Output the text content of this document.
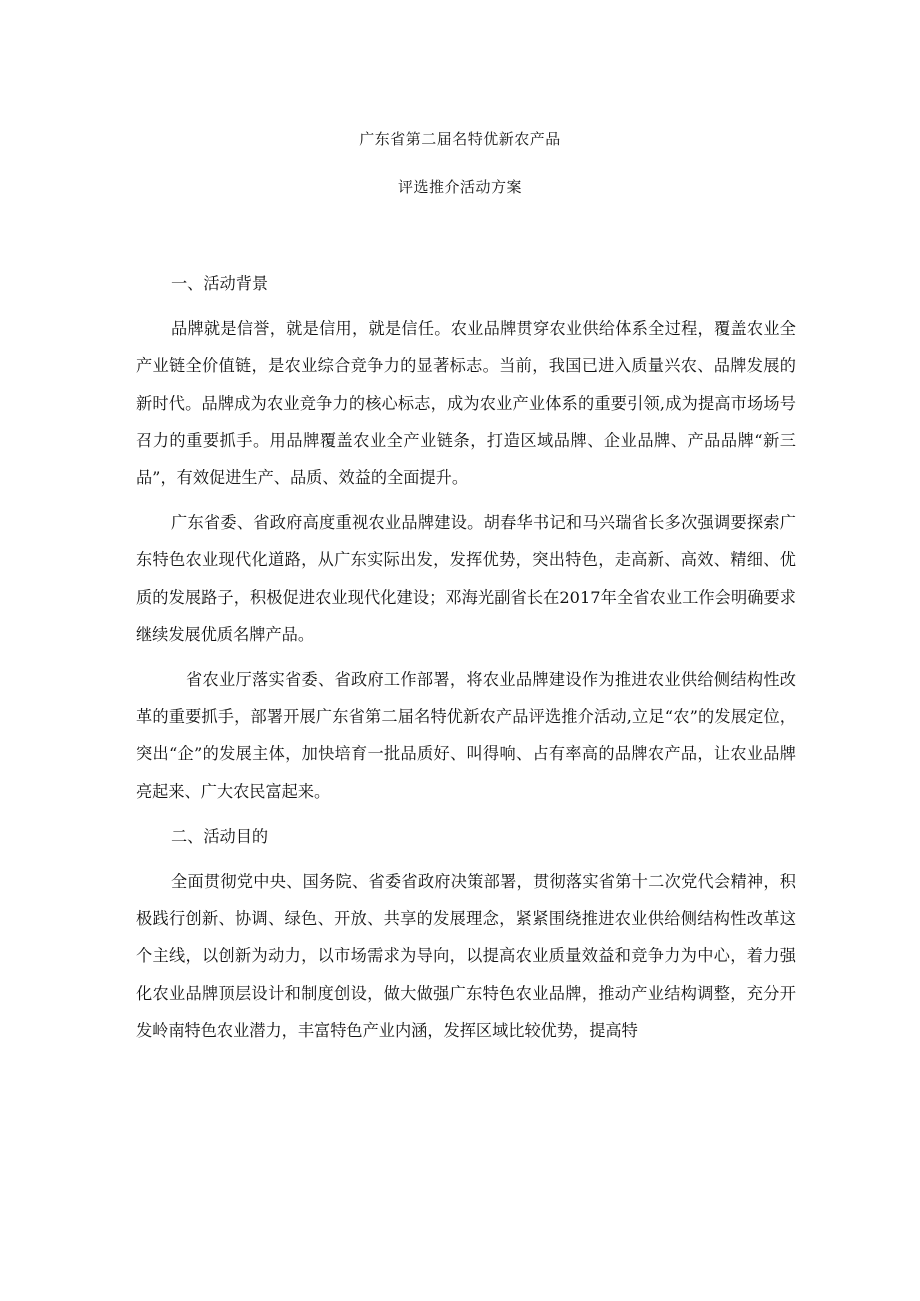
广东省第二届名特优新农产品
评选推介活动方案

一、活动背景

品牌就是信誉，就是信用，就是信任。农业品牌贯穿农业供给体系全过程，覆盖农业全产业链全价值链，是农业综合竞争力的显著标志。当前，我国已进入质量兴农、品牌发展的新时代。品牌成为农业竞争力的核心标志，成为农业产业体系的重要引领,成为提高市场场号召力的重要抓手。用品牌覆盖农业全产业链条，打造区域品牌、企业品牌、产品品牌“新三品”，有效促进生产、品质、效益的全面提升。

广东省委、省政府高度重视农业品牌建设。胡春华书记和马兴瑞省长多次强调要探索广东特色农业现代化道路，从广东实际出发，发挥优势，突出特色，走高新、高效、精细、优质的发展路子，积极促进农业现代化建设；邓海光副省长在2017年全省农业工作会明确要求继续发展优质名牌产品。

省农业厅落实省委、省政府工作部署，将农业品牌建设作为推进农业供给侧结构性改革的重要抓手，部署开展广东省第二届名特优新农产品评选推介活动,立足“农”的发展定位，突出“企”的发展主体，加快培育一批品质好、叫得响、占有率高的品牌农产品，让农业品牌亮起来、广大农民富起来。

二、活动目的

全面贯彻党中央、国务院、省委省政府决策部署，贯彻落实省第十二次党代会精神，积极践行创新、协调、绿色、开放、共享的发展理念，紧紧围绕推进农业供给侧结构性改革这个主线，以创新为动力，以市场需求为导向，以提高农业质量效益和竞争力为中心，着力强化农业品牌顶层设计和制度创设，做大做强广东特色农业品牌，推动产业结构调整，充分开发岭南特色农业潜力，丰富特色产业内涵，发挥区域比较优势，提高特
